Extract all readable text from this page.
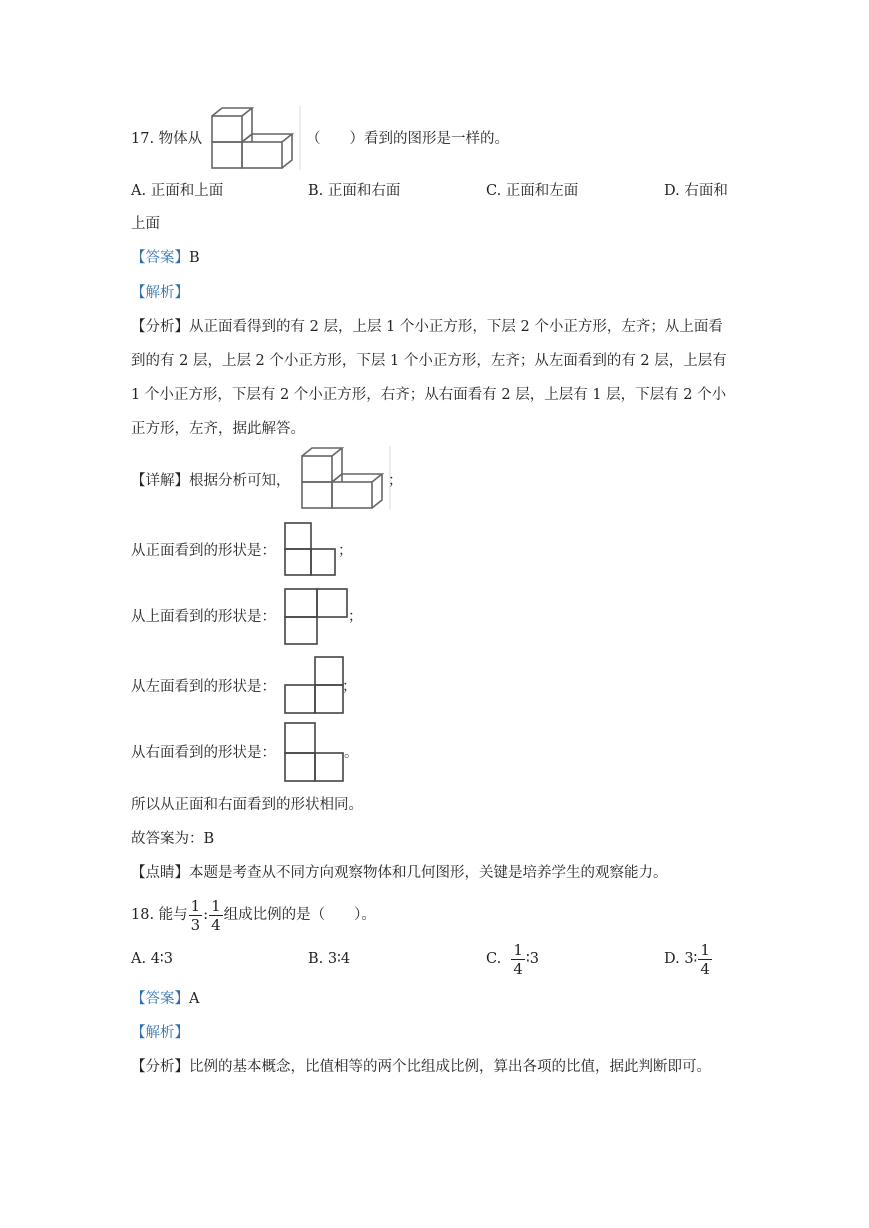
17. 物体从	（　　）看到的图形是一样的。
A. 正面和上面	B. 正面和右面	C. 正面和左面	D. 右面和
上面
【答案】B
【解析】
【分析】从正面看得到的有 2 层，上层 1 个小正方形，下层 2 个小正方形，左齐；从上面看
到的有 2 层，上层 2 个小正方形，下层 1 个小正方形，左齐；从左面看到的有 2 层，上层有
1 个小正方形，下层有 2 个小正方形，右齐；从右面看有 2 层，上层有 1 层，下层有 2 个小
正方形，左齐，据此解答。
【详解】根据分析可知，	；
从正面看到的形状是：	；
从上面看到的形状是：	；
从左面看到的形状是：	；
从右面看到的形状是：	。
所以从正面和右面看到的形状相同。
故答案为：B
【点睛】本题是考查从不同方向观察物体和几何图形，关键是培养学生的观察能力。
18. 能与 $\frac{1}{3}$ : $\frac{1}{4}$ 组成比例的是（　　）。
A. 4∶3	B. 3∶4	C. $\frac{1}{4}$ ∶3	D. 3∶ $\frac{1}{4}$
【答案】A
【解析】
【分析】比例的基本概念，比值相等的两个比组成比例，算出各项的比值，据此判断即可。
